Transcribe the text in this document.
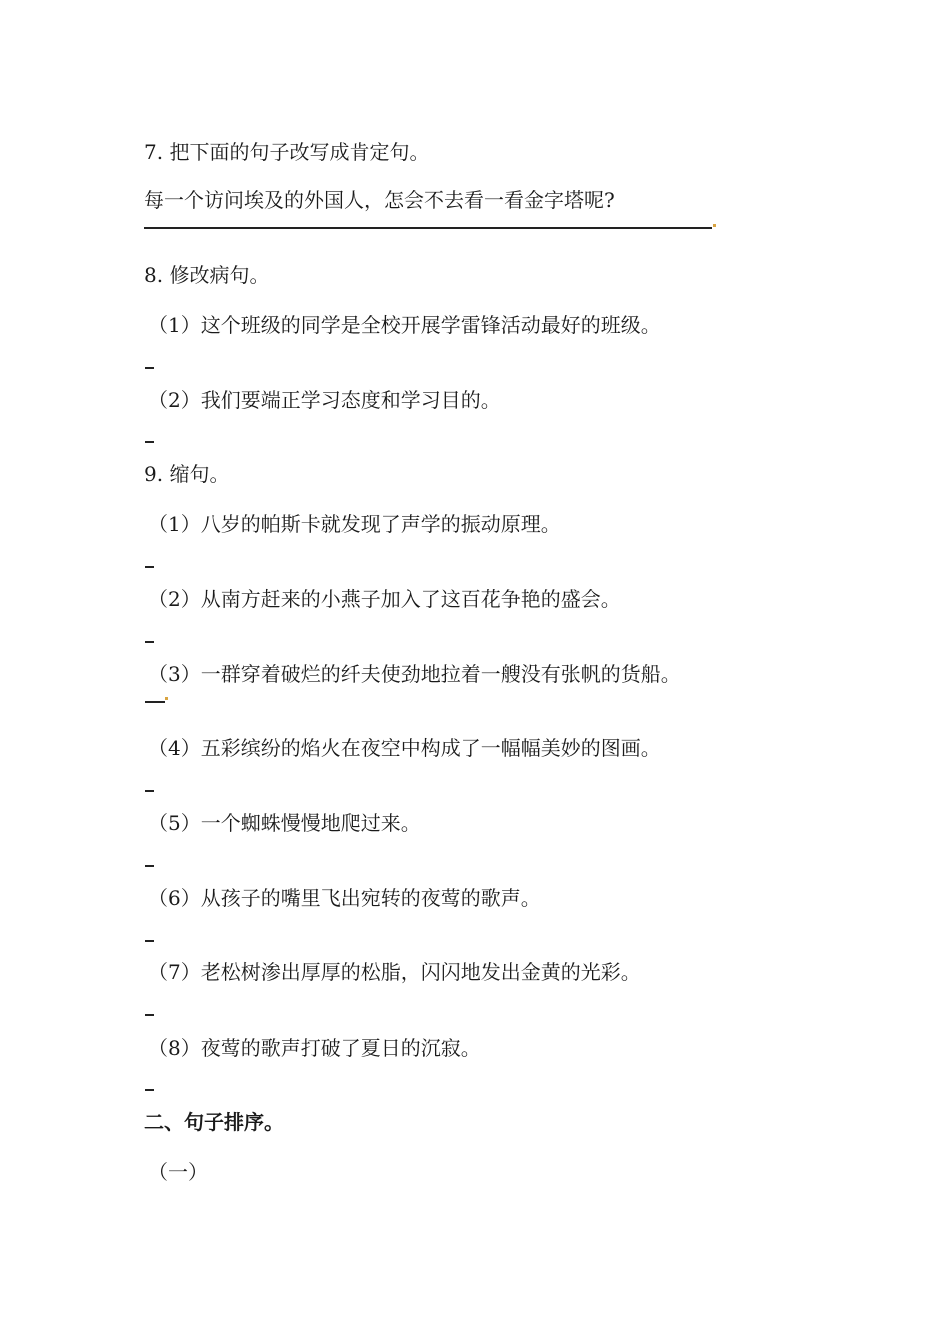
7. 把下面的句子改写成肯定句。
每一个访问埃及的外国人，怎会不去看一看金字塔呢?
8. 修改病句。
（1）这个班级的同学是全校开展学雷锋活动最好的班级。
（2）我们要端正学习态度和学习目的。
9. 缩句。
（1）八岁的帕斯卡就发现了声学的振动原理。
（2）从南方赶来的小燕子加入了这百花争艳的盛会。
（3）一群穿着破烂的纤夫使劲地拉着一艘没有张帆的货船。
（4）五彩缤纷的焰火在夜空中构成了一幅幅美妙的图画。
（5）一个蜘蛛慢慢地爬过来。
（6）从孩子的嘴里飞出宛转的夜莺的歌声。
（7）老松树渗出厚厚的松脂，闪闪地发出金黄的光彩。
（8）夜莺的歌声打破了夏日的沉寂。
二、句子排序。
（一）
